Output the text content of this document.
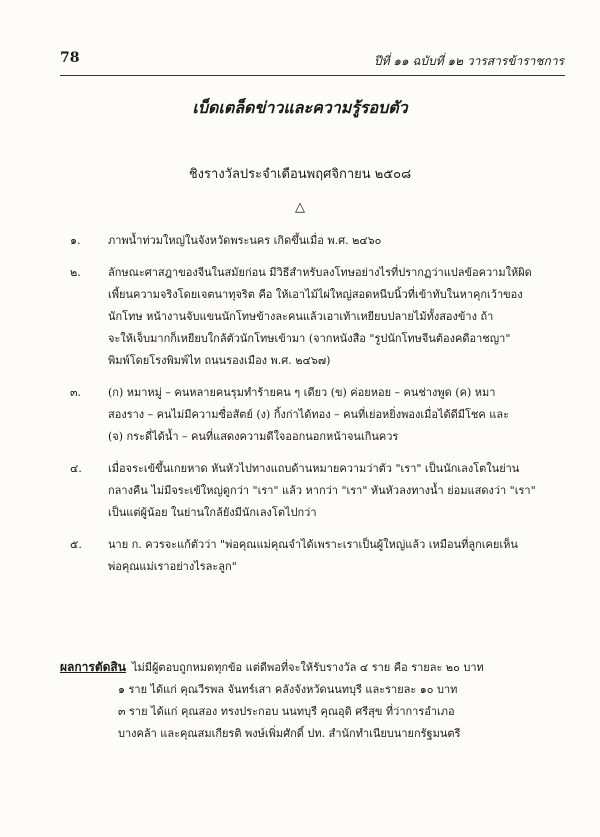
78	ปีที่ ๑๑ ฉบับที่ ๑๒ วารสารข้าราชการ
เบ็ดเตล็ดข่าวและความรู้รอบตัว
ชิงรางวัลประจำเดือนพฤศจิกายน ๒๕๐๘
△
๑.	ภาพน้ำท่วมใหญ่ในจังหวัดพระนคร เกิดขึ้นเมื่อ พ.ศ. ๒๔๖๐
๒. ลักษณะศาสฎาของจีนในสมัยก่อน มีวิธีสำหรับลงโทษอย่างไรที่ปรากฏว่าแปลข้อความให้ผิด
เพี้ยนความจริงโดยเจตนาทุจริต คือ ให้เอาไม้ไผ่ใหญ่สอดหนีบนิ้วที่เข้าทับในหาคุกเว้าของ
นักโทษ หน้างานจับแขนนักโทษข้างละคนแล้วเอาเท้าเหยียบปลายไม้ทั้งสองข้าง ถ้า
จะให้เจ็บมากก็เหยียบใกล้ตัวนักโทษเข้ามา (จากหนังสือ "รูปนักโทษจีนต้องคดีอาชญา"
พิมพ์โดยโรงพิมพ์ไท ถนนรองเมือง พ.ศ. ๒๔๖๗)
๓. (ก) หมาหมู่ – คนหลายคนรุมทำร้ายคน ๆ เดียว (ข) ค่อยหอย – คนช่างพูด (ค) หมา
สองราง – คนไม่มีความซื่อสัตย์ (ง) กิ้งก่าได้ทอง – คนที่เย่อหยิ่งพองเมื่อได้ดีมีโชค และ
(จ) กระดี่ได้น้ำ – คนที่แสดงความดีใจออกนอกหน้าจนเกินควร
๔. เมื่อจระเข้ขึ้นเกยหาด หันหัวไปทางแถบด้านหมายความว่าตัว "เรา" เป็นนักเลงโตในย่าน
กลางคืน ไม่มีจระเข้ใหญ่ดูกว่า "เรา" แล้ว หากว่า "เรา" หันหัวลงทางน้ำ ย่อมแสดงว่า "เรา"
เป็นแต่ผู้น้อย ในย่านใกล้ยังมีนักเลงโตไปกว่า
๕. นาย ก. ควรจะแก้ตัวว่า "พ่อคุณแม่คุณจำได้เพราะเราเป็นผู้ใหญ่แล้ว เหมือนที่ลูกเคยเห็น
พ่อคุณแม่เราอย่างไรละลูก"
ผลการตัดสิน ไม่มีผู้ตอบถูกหมดทุกข้อ แต่ดีพอที่จะให้รับรางวัล ๔ ราย คือ รายละ ๒๐ บาท
๑ ราย ได้แก่ คุณวีรพล จันทร์เสา คลังจังหวัดนนทบุรี และรายละ ๑๐ บาท
๓ ราย ได้แก่ คุณสอง ทรงประกอบ นนทบุรี คุณอุดิ ศรีสุข ที่ว่าการอำเภอ
บางคล้า และคุณสมเกียรติ พงษ์เพิ่มศักดิ์ ปท. สำนักทำเนียบนายกรัฐมนตรี
